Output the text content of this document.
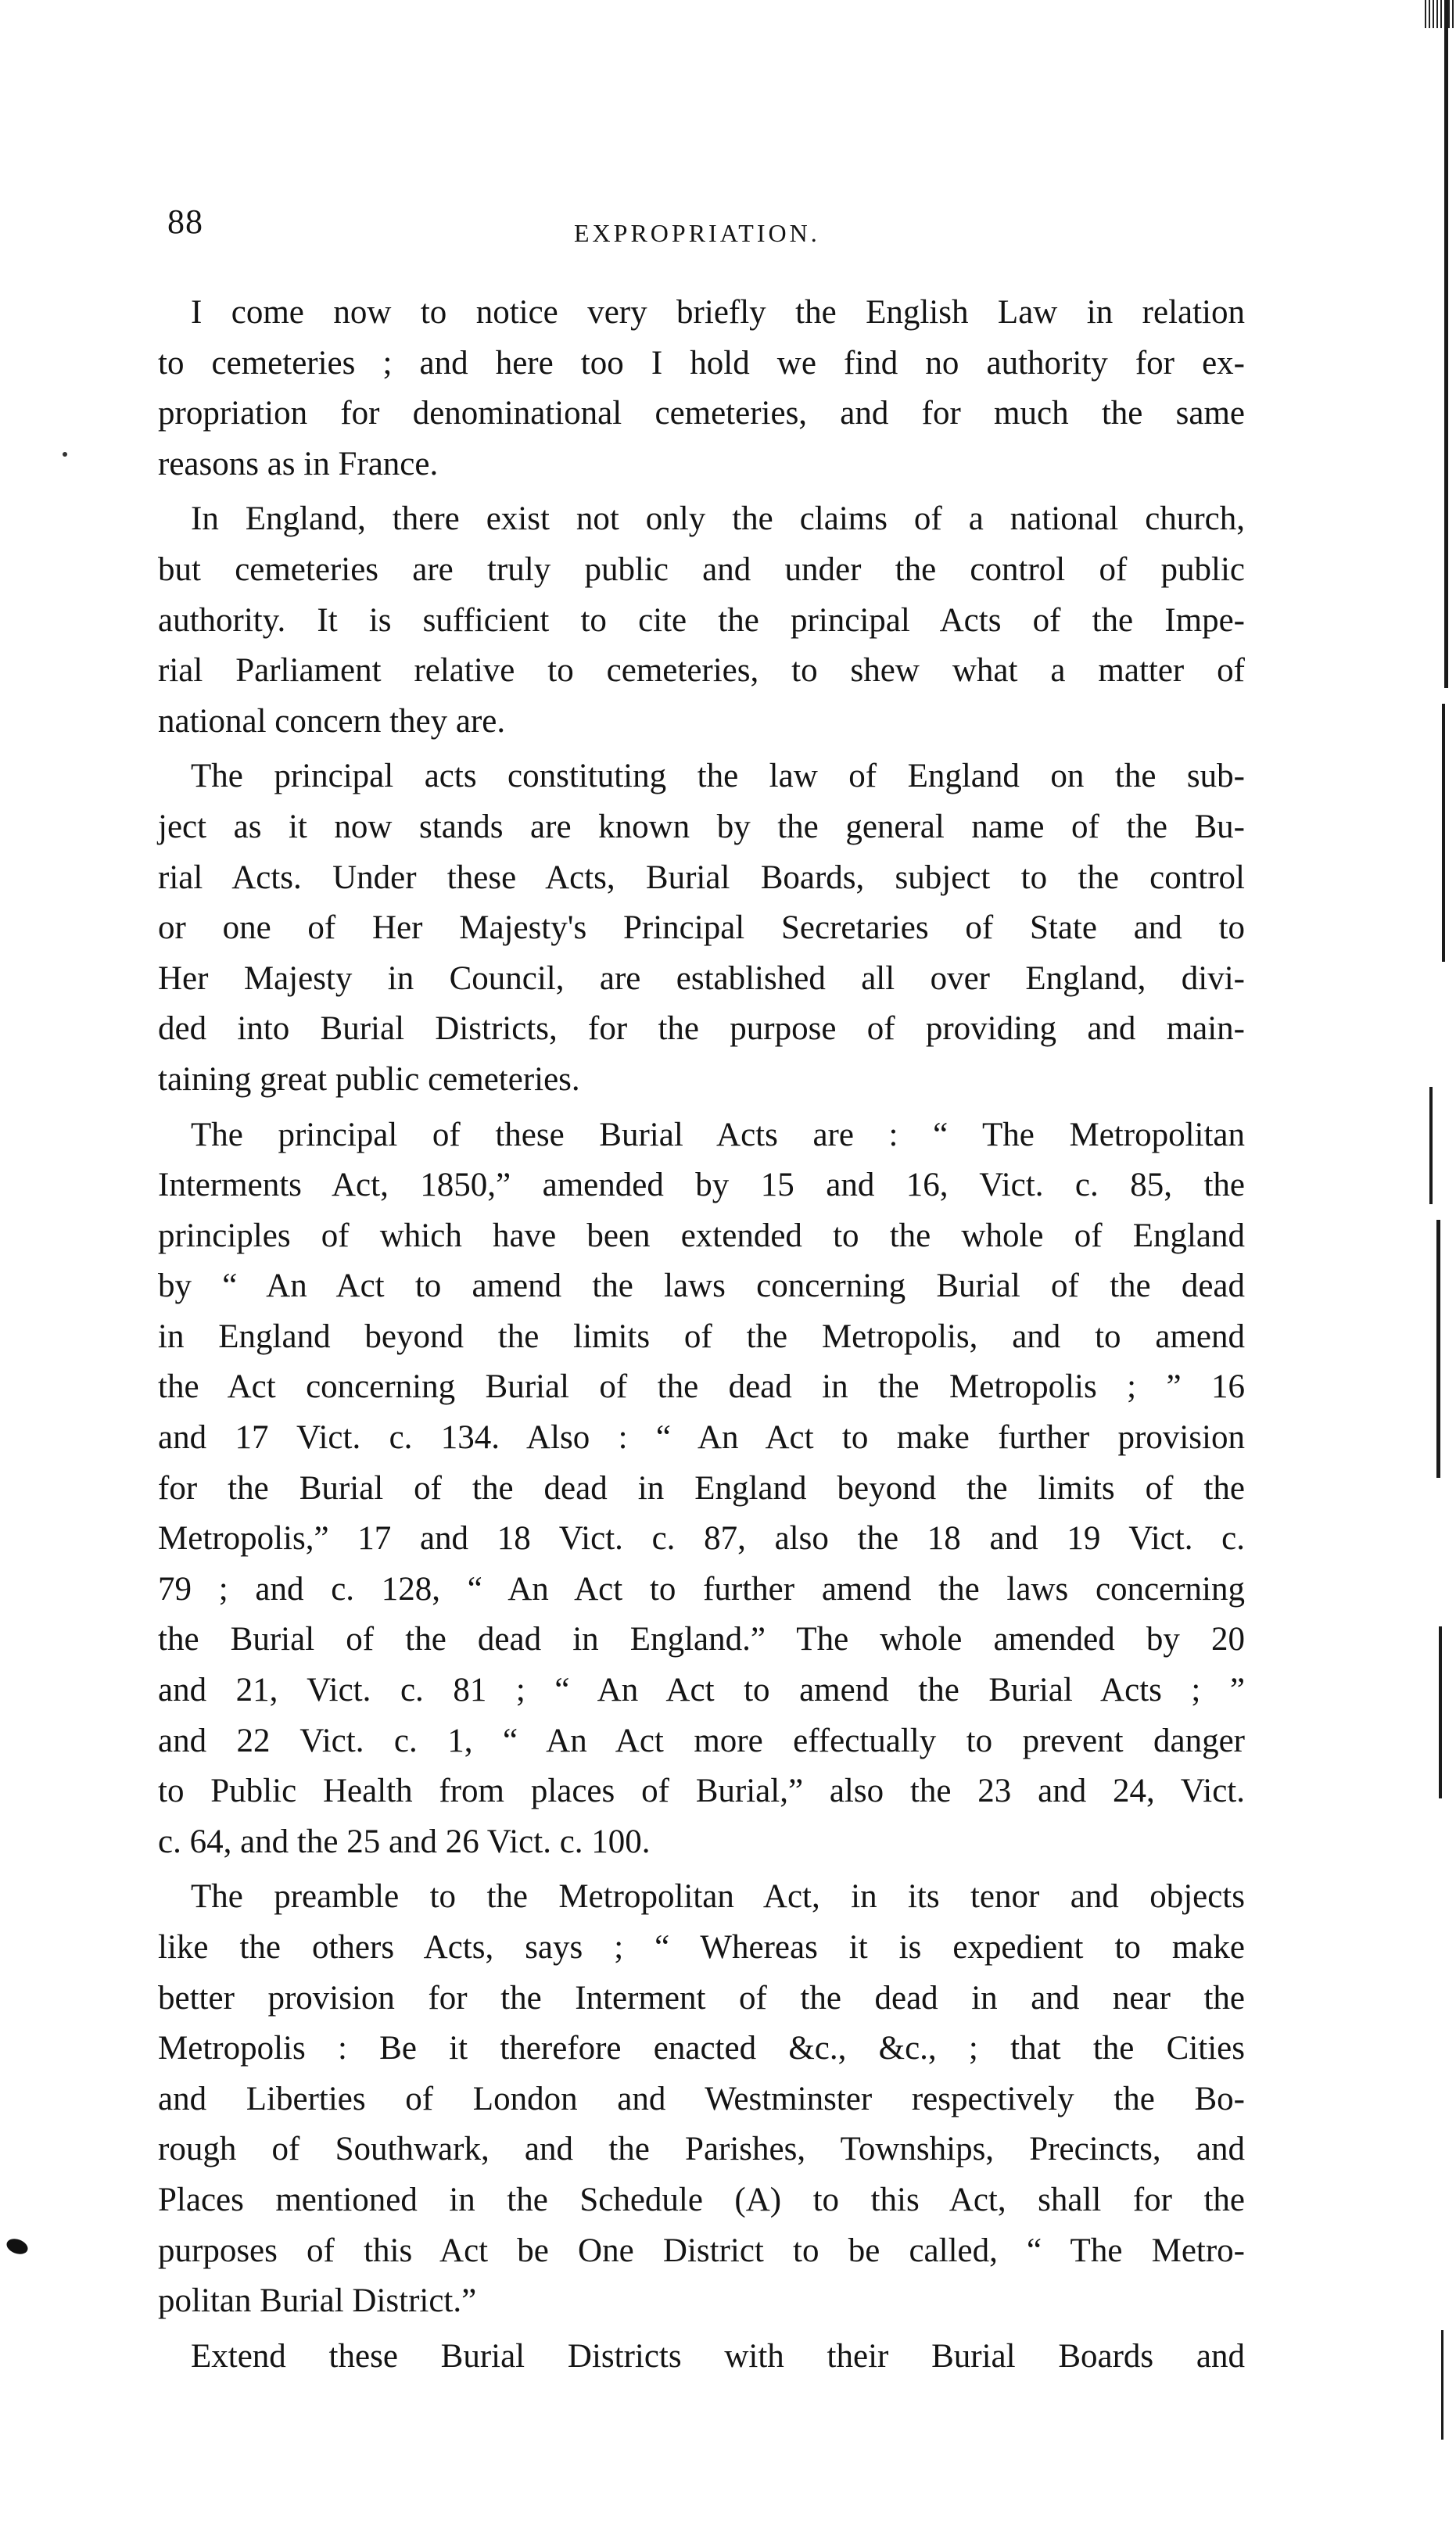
88	EXPROPRIATION.
I come now to notice very briefly the English Law in relation
to cemeteries ; and here too I hold we find no authority for ex-
propriation for denominational cemeteries, and for much the same
reasons as in France.
In England, there exist not only the claims of a national church,
but cemeteries are truly public and under the control of public
authority. It is sufficient to cite the principal Acts of the Impe-
rial Parliament relative to cemeteries, to shew what a matter of
national concern they are.
The principal acts constituting the law of England on the sub-
ject as it now stands are known by the general name of the Bu-
rial Acts. Under these Acts, Burial Boards, subject to the control
or one of Her Majesty's Principal Secretaries of State and to
Her Majesty in Council, are established all over England, divi-
ded into Burial Districts, for the purpose of providing and main-
taining great public cemeteries.
The principal of these Burial Acts are : “ The Metropolitan
Interments Act, 1850,” amended by 15 and 16, Vict. c. 85, the
principles of which have been extended to the whole of England
by “ An Act to amend the laws concerning Burial of the dead
in England beyond the limits of the Metropolis, and to amend
the Act concerning Burial of the dead in the Metropolis ; ” 16
and 17 Vict. c. 134. Also : “ An Act to make further provision
for the Burial of the dead in England beyond the limits of the
Metropolis,” 17 and 18 Vict. c. 87, also the 18 and 19 Vict. c.
79 ; and c. 128, “ An Act to further amend the laws concerning
the Burial of the dead in England.” The whole amended by 20
and 21, Vict. c. 81 ; “ An Act to amend the Burial Acts ; ”
and 22 Vict. c. 1, “ An Act more effectually to prevent danger
to Public Health from places of Burial,” also the 23 and 24, Vict.
c. 64, and the 25 and 26 Vict. c. 100.
The preamble to the Metropolitan Act, in its tenor and objects
like the others Acts, says ; “ Whereas it is expedient to make
better provision for the Interment of the dead in and near the
Metropolis : Be it therefore enacted &c., &c., ; that the Cities
and Liberties of London and Westminster respectively the Bo-
rough of Southwark, and the Parishes, Townships, Precincts, and
Places mentioned in the Schedule (A) to this Act, shall for the
purposes of this Act be One District to be called, “ The Metro-
politan Burial District.”
Extend these Burial Districts with their Burial Boards and
